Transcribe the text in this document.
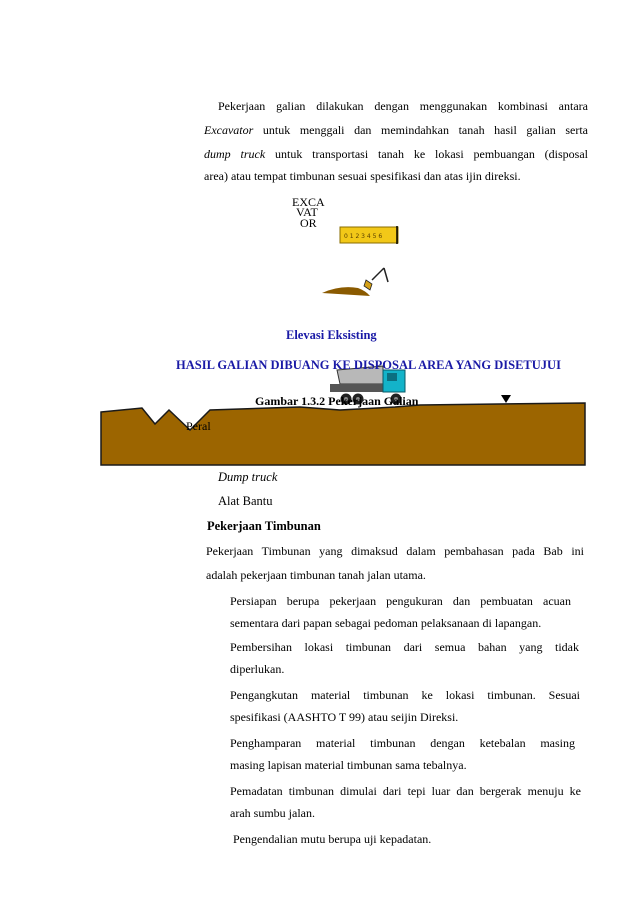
Pekerjaan galian dilakukan dengan menggunakan kombinasi antara
Excavator untuk menggali dan memindahkan tanah hasil galian serta
dump truck untuk transportasi tanah ke lokasi pembuangan (disposal
area) atau tempat timbunan sesuai spesifikasi dan atas ijin direksi.
0 1 2 3 4 5 6
EXCA
VAT
OR
Elevasi Eksisting
HASIL GALIAN DIBUANG KE DISPOSAL AREA YANG DISETUJUI
Gambar 1.3.2 Pekerjaan Galian
Peral
Dump truck
Alat Bantu
Pekerjaan Timbunan
Pekerjaan Timbunan yang dimaksud dalam pembahasan pada Bab ini
adalah pekerjaan timbunan tanah jalan utama.
Persiapan berupa pekerjaan pengukuran dan pembuatan acuan
sementara dari papan sebagai pedoman pelaksanaan di lapangan.
Pembersihan lokasi timbunan dari semua bahan yang tidak
diperlukan.
Pengangkutan material timbunan ke lokasi timbunan. Sesuai
spesifikasi (AASHTO T 99) atau seijin Direksi.
Penghamparan material timbunan dengan ketebalan masing
masing lapisan material timbunan sama tebalnya.
Pemadatan timbunan dimulai dari tepi luar dan bergerak menuju ke
arah sumbu jalan.
Pengendalian mutu berupa uji kepadatan.
